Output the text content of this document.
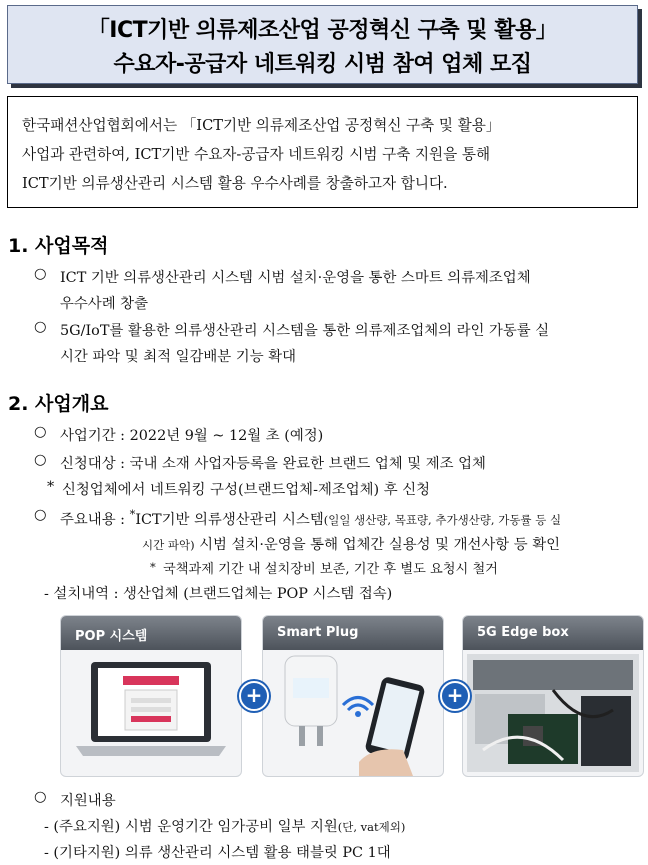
「ICT기반 의류제조산업 공정혁신 구축 및 활용」
수요자-공급자 네트워킹 시범 참여 업체 모집
한국패션산업협회에서는 「ICT기반 의류제조산업 공정혁신 구축 및 활용」
사업과 관련하여, ICT기반 수요자-공급자 네트워킹 시범 구축 지원을 통해
ICT기반 의류생산관리 시스템 활용 우수사례를 창출하고자 합니다.
1. 사업목적
○ ICT 기반 의류생산관리 시스템 시범 설치·운영을 통한 스마트 의류제조업체
우수사례 창출
○ 5G/IoT를 활용한 의류생산관리 시스템을 통한 의류제조업체의 라인 가동률 실
시간 파악 및 최적 일감배분 기능 확대
2. 사업개요
○ 사업기간 : 2022년 9월 ~ 12월 초 (예정)
○ 신청대상 : 국내 소재 사업자등록을 완료한 브랜드 업체 및 제조 업체
* 신청업체에서 네트워킹 구성(브랜드업체-제조업체) 후 신청
○ 주요내용 : *ICT기반 의류생산관리 시스템(일일 생산량, 목표량, 추가생산량, 가동률 등 실
시간 파악) 시범 설치·운영을 통해 업체간 실용성 및 개선사항 등 확인
* 국책과제 기간 내 설치장비 보존, 기간 후 별도 요청시 철거
- 설치내역 : 생산업체 (브랜드업체는 POP 시스템 접속)
POP 시스템	Smart Plug	5G Edge box
+	+
○ 지원내용
- (주요지원) 시범 운영기간 임가공비 일부 지원(단, vat제외)
- (기타지원) 의류 생산관리 시스템 활용 태블릿 PC 1대
